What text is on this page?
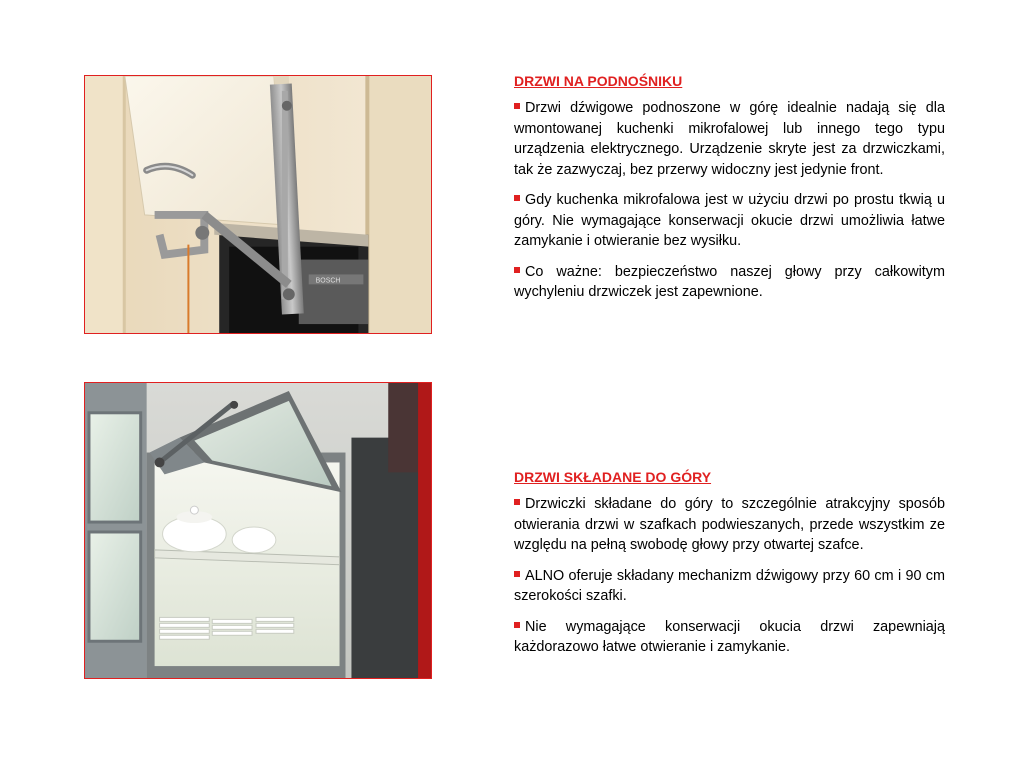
BOSCH
DRZWI NA PODNOŚNIKU

Drzwi dźwigowe podnoszone w górę idealnie nadają się dla wmontowanej kuchenki mikrofalowej lub innego tego typu urządzenia elektrycznego. Urządzenie skryte jest za drzwiczkami, tak że zazwyczaj, bez przerwy widoczny jest jedynie front.

Gdy kuchenka mikrofalowa jest w użyciu drzwi po prostu tkwią u góry. Nie wymagające konserwacji okucie drzwi umożliwia łatwe zamykanie i otwieranie bez wysiłku.

Co ważne: bezpieczeństwo naszej głowy przy całkowitym wychyleniu drzwiczek jest zapewnione.

DRZWI SKŁADANE DO GÓRY

Drzwiczki składane do góry to szczególnie atrakcyjny sposób otwierania drzwi w szafkach podwieszanych, przede wszystkim ze względu na pełną swobodę głowy przy otwartej szafce.

ALNO oferuje składany mechanizm dźwigowy przy 60 cm i 90 cm szerokości szafki.

Nie wymagające konserwacji okucia drzwi zapewniają każdorazowo łatwe otwieranie i zamykanie.
